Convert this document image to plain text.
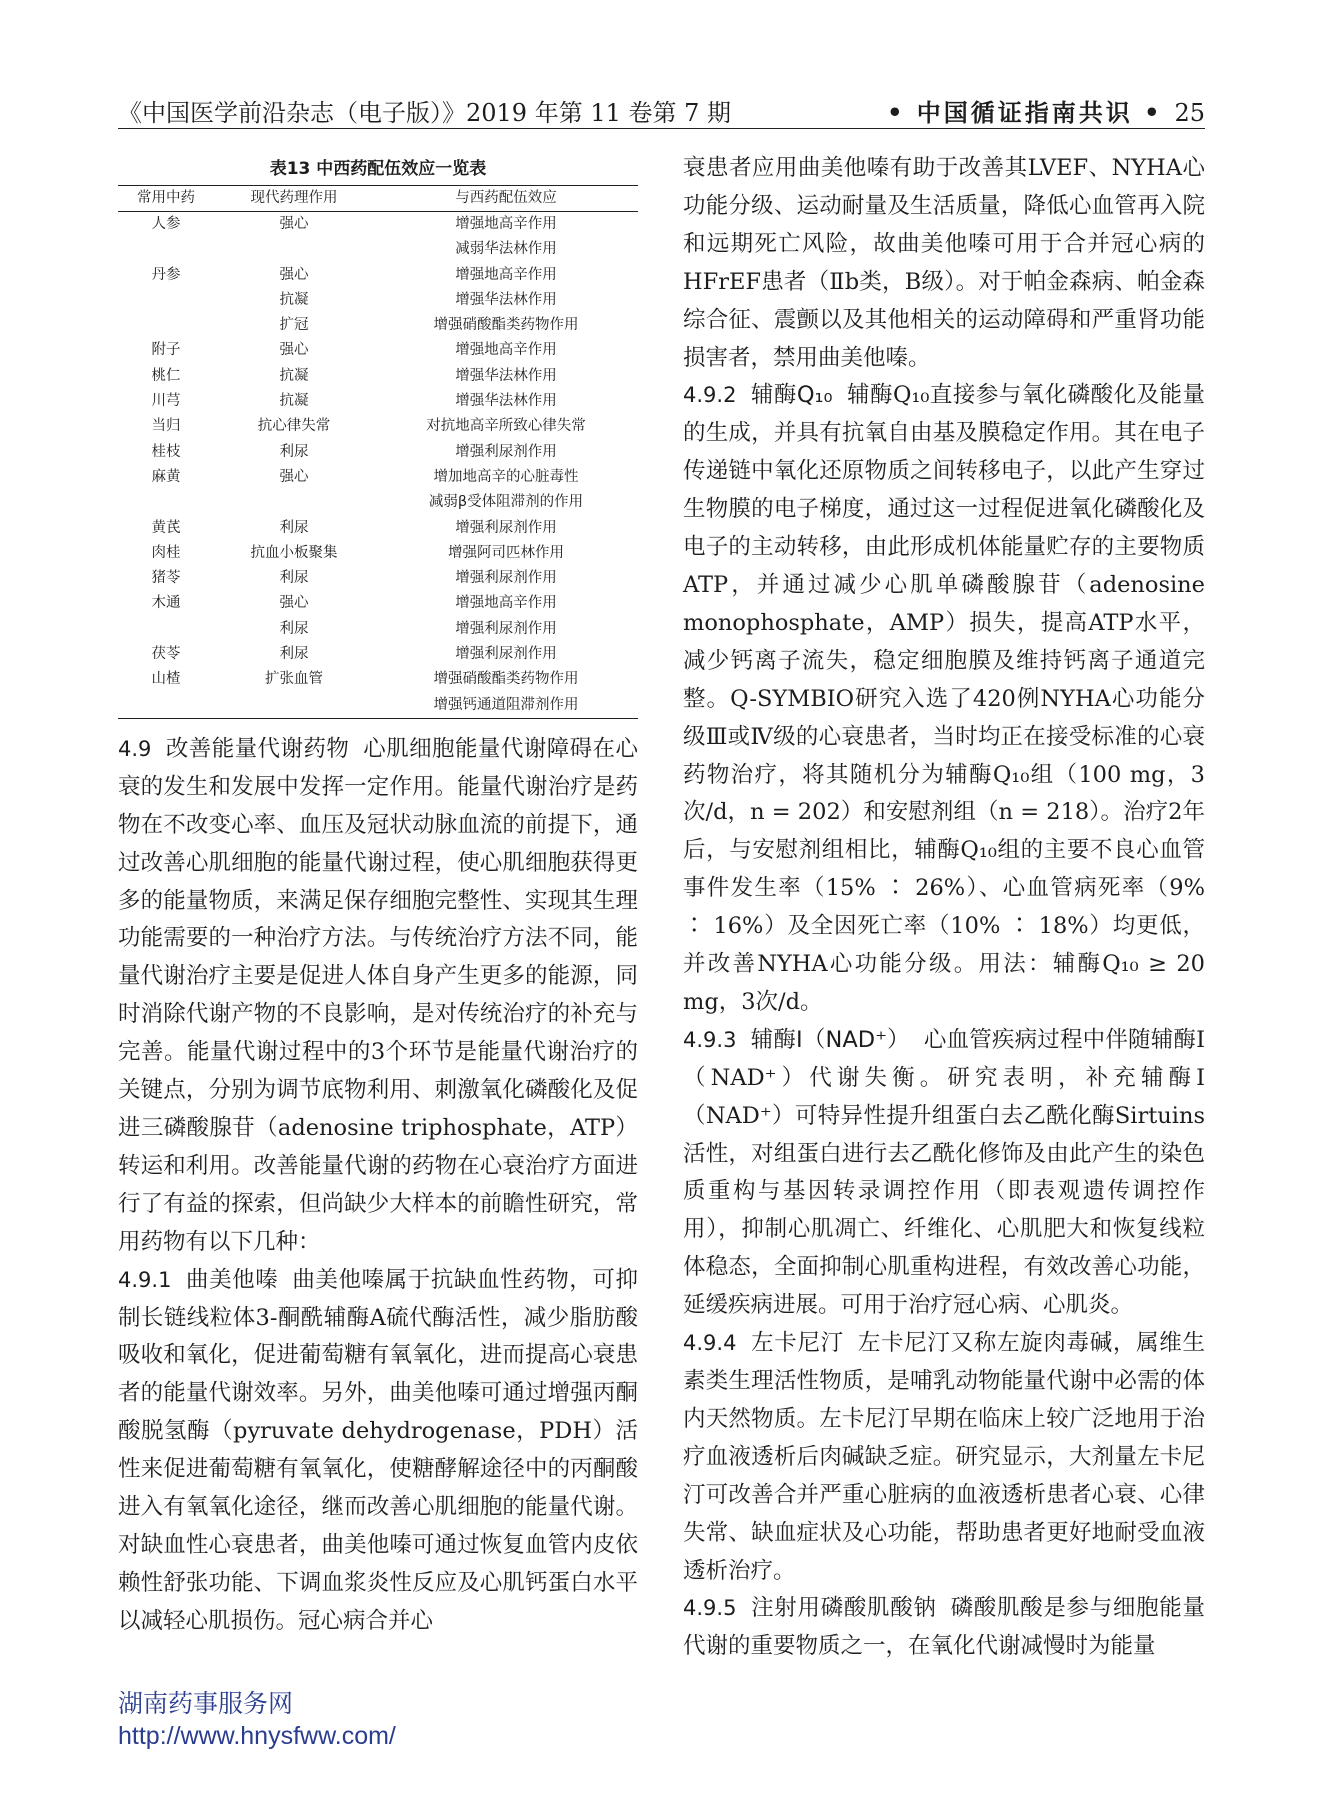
《中国医学前沿杂志（电子版）》2019 年第 11 卷第 7 期	• 中国循证指南共识 • 25
表13 中西药配伍效应一览表
常用中药	现代药理作用	与西药配伍效应
人参	强心	增强地高辛作用
		减弱华法林作用
丹参	强心	增强地高辛作用
	抗凝	增强华法林作用
	扩冠	增强硝酸酯类药物作用
附子	强心	增强地高辛作用
桃仁	抗凝	增强华法林作用
川芎	抗凝	增强华法林作用
当归	抗心律失常	对抗地高辛所致心律失常
桂枝	利尿	增强利尿剂作用
麻黄	强心	增加地高辛的心脏毒性
		减弱β受体阻滞剂的作用
黄芪	利尿	增强利尿剂作用
肉桂	抗血小板聚集	增强阿司匹林作用
猪苓	利尿	增强利尿剂作用
木通	强心	增强地高辛作用
	利尿	增强利尿剂作用
茯苓	利尿	增强利尿剂作用
山楂	扩张血管	增强硝酸酯类药物作用
		增强钙通道阻滞剂作用

4.9 改善能量代谢药物 心肌细胞能量代谢障碍在心衰的发生和发展中发挥一定作用。能量代谢治疗是药物在不改变心率、血压及冠状动脉血流的前提下，通过改善心肌细胞的能量代谢过程，使心肌细胞获得更多的能量物质，来满足保存细胞完整性、实现其生理功能需要的一种治疗方法。与传统治疗方法不同，能量代谢治疗主要是促进人体自身产生更多的能源，同时消除代谢产物的不良影响，是对传统治疗的补充与完善。能量代谢过程中的3个环节是能量代谢治疗的关键点，分别为调节底物利用、刺激氧化磷酸化及促进三磷酸腺苷（adenosine triphosphate，ATP）转运和利用。改善能量代谢的药物在心衰治疗方面进行了有益的探索，但尚缺少大样本的前瞻性研究，常用药物有以下几种：

4.9.1 曲美他嗪 曲美他嗪属于抗缺血性药物，可抑制长链线粒体3-酮酰辅酶A硫代酶活性，减少脂肪酸吸收和氧化，促进葡萄糖有氧氧化，进而提高心衰患者的能量代谢效率。另外，曲美他嗪可通过增强丙酮酸脱氢酶（pyruvate dehydrogenase，PDH）活性来促进葡萄糖有氧氧化，使糖酵解途径中的丙酮酸进入有氧氧化途径，继而改善心肌细胞的能量代谢。对缺血性心衰患者，曲美他嗪可通过恢复血管内皮依赖性舒张功能、下调血浆炎性反应及心肌钙蛋白水平以减轻心肌损伤。冠心病合并心

衰患者应用曲美他嗪有助于改善其LVEF、NYHA心功能分级、运动耐量及生活质量，降低心血管再入院和远期死亡风险，故曲美他嗪可用于合并冠心病的HFrEF患者（Ⅱb类，B级）。对于帕金森病、帕金森综合征、震颤以及其他相关的运动障碍和严重肾功能损害者，禁用曲美他嗪。

4.9.2 辅酶Q₁₀ 辅酶Q₁₀直接参与氧化磷酸化及能量的生成，并具有抗氧自由基及膜稳定作用。其在电子传递链中氧化还原物质之间转移电子，以此产生穿过生物膜的电子梯度，通过这一过程促进氧化磷酸化及电子的主动转移，由此形成机体能量贮存的主要物质ATP，并通过减少心肌单磷酸腺苷（adenosine monophosphate，AMP）损失，提高ATP水平，减少钙离子流失，稳定细胞膜及维持钙离子通道完整。Q-SYMBIO研究入选了420例NYHA心功能分级Ⅲ或Ⅳ级的心衰患者，当时均正在接受标准的心衰药物治疗，将其随机分为辅酶Q₁₀组（100 mg，3次/d，n = 202）和安慰剂组（n = 218）。治疗2年后，与安慰剂组相比，辅酶Q₁₀组的主要不良心血管事件发生率（15% ∶ 26%）、心血管病死率（9% ∶ 16%）及全因死亡率（10% ∶ 18%）均更低，并改善NYHA心功能分级。用法：辅酶Q₁₀ ≥ 20 mg，3次/d。

4.9.3 辅酶Ⅰ（NAD⁺） 心血管疾病过程中伴随辅酶Ⅰ（NAD⁺）代谢失衡。研究表明，补充辅酶Ⅰ（NAD⁺）可特异性提升组蛋白去乙酰化酶Sirtuins活性，对组蛋白进行去乙酰化修饰及由此产生的染色质重构与基因转录调控作用（即表观遗传调控作用），抑制心肌凋亡、纤维化、心肌肥大和恢复线粒体稳态，全面抑制心肌重构进程，有效改善心功能，延缓疾病进展。可用于治疗冠心病、心肌炎。

4.9.4 左卡尼汀 左卡尼汀又称左旋肉毒碱，属维生素类生理活性物质，是哺乳动物能量代谢中必需的体内天然物质。左卡尼汀早期在临床上较广泛地用于治疗血液透析后肉碱缺乏症。研究显示，大剂量左卡尼汀可改善合并严重心脏病的血液透析患者心衰、心律失常、缺血症状及心功能，帮助患者更好地耐受血液透析治疗。

4.9.5 注射用磷酸肌酸钠 磷酸肌酸是参与细胞能量代谢的重要物质之一，在氧化代谢减慢时为能量

湖南药事服务网
http://www.hnysfww.com/
